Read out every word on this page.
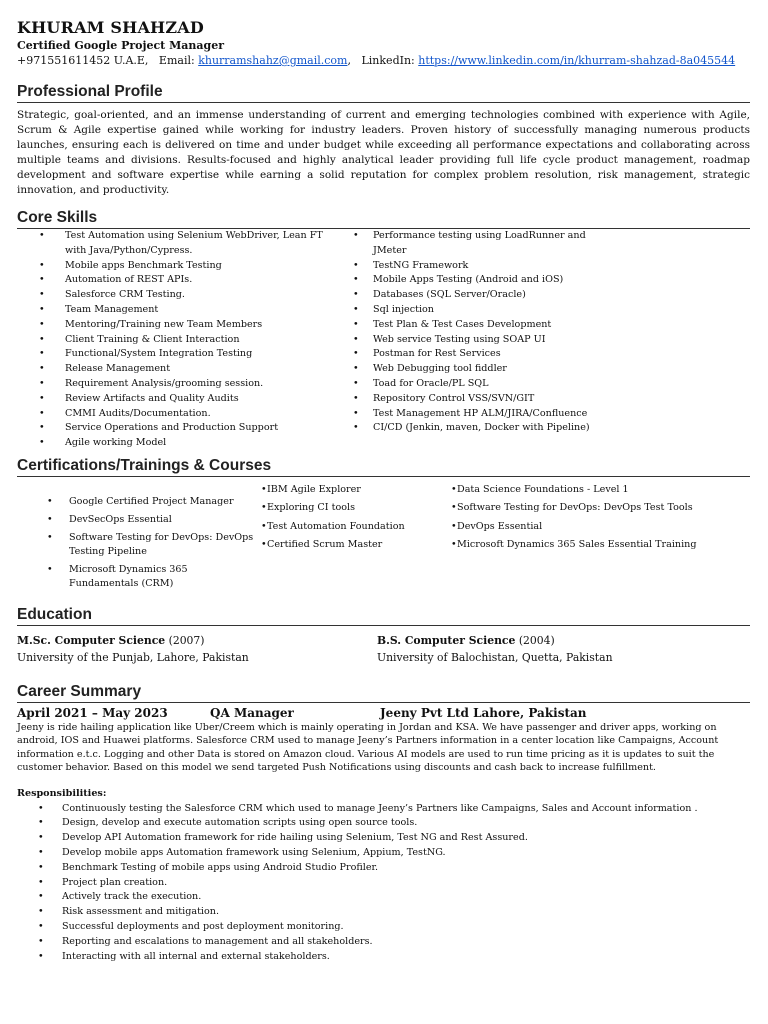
KHURAM SHAHZAD
Certified Google Project Manager
+971551611452 U.A.E, Email: khurramshahz@gmail.com,   LinkedIn: https://www.linkedin.com/in/khurram-shahzad-8a045544
Professional Profile
Strategic, goal-oriented, and an immense understanding of current and emerging technologies combined with experience with Agile, Scrum & Agile expertise gained while working for industry leaders. Proven history of successfully managing numerous products launches, ensuring each is delivered on time and under budget while exceeding all performance expectations and collaborating across multiple teams and divisions. Results-focused and highly analytical leader providing full life cycle product management, roadmap development and software expertise while earning a solid reputation for complex problem resolution, risk management, strategic innovation, and productivity.
Core Skills
• Test Automation using Selenium WebDriver, Lean FT with Java/Python/Cypress.
• Mobile apps Benchmark Testing
• Automation of REST APIs.
• Salesforce CRM Testing.
• Team Management
• Mentoring/Training new Team Members
• Client Training & Client Interaction
• Functional/System Integration Testing
• Release Management
• Requirement Analysis/grooming session.
• Review Artifacts and Quality Audits
• CMMI Audits/Documentation.
• Service Operations and Production Support
• Agile working Model
• Performance testing using LoadRunner and JMeter
• TestNG Framework
• Mobile Apps Testing (Android and iOS)
• Databases (SQL Server/Oracle)
• Sql injection
• Test Plan & Test Cases Development
• Web service Testing using SOAP UI
• Postman for Rest Services
• Web Debugging tool fiddler
• Toad for Oracle/PL SQL
• Repository Control VSS/SVN/GIT
• Test Management HP ALM/JIRA/Confluence
• CI/CD (Jenkin, maven, Docker with Pipeline)
Certifications/Trainings & Courses
• Google Certified Project Manager
• DevSecOps Essential
• Software Testing for DevOps: DevOps Testing Pipeline
• Microsoft Dynamics 365 Fundamentals (CRM)
• IBM Agile Explorer
• Exploring CI tools
• Test Automation Foundation
• Certified Scrum Master
• Data Science Foundations - Level 1
• Software Testing for DevOps: DevOps Test Tools
• DevOps Essential
• Microsoft Dynamics 365 Sales Essential Training
Education
M.Sc. Computer Science (2007)
University of the Punjab, Lahore, Pakistan
B.S. Computer Science (2004)
University of Balochistan, Quetta, Pakistan
Career Summary
April 2021 – May 2023	QA Manager	Jeeny Pvt Ltd Lahore, Pakistan
Jeeny is ride hailing application like Uber/Creem which is mainly operating in Jordan and KSA. We have passenger and driver apps, working on android, IOS and Huawei platforms. Salesforce CRM used to manage Jeeny’s Partners information in a center location like Campaigns, Account information e.t.c. Logging and other Data is stored on Amazon cloud. Various AI models are used to run time pricing as it is updates to suit the customer behavior. Based on this model we send targeted Push Notifications using discounts and cash back to increase fulfillment.
Responsibilities:
• Continuously testing the Salesforce CRM which used to manage Jeeny’s Partners like Campaigns, Sales and Account information .
• Design, develop and execute automation scripts using open source tools.
• Develop API Automation framework for ride hailing using Selenium, Test NG and Rest Assured.
• Develop mobile apps Automation framework using Selenium, Appium, TestNG.
• Benchmark Testing of mobile apps using Android Studio Profiler.
• Project plan creation.
• Actively track the execution.
• Risk assessment and mitigation.
• Successful deployments and post deployment monitoring.
• Reporting and escalations to management and all stakeholders.
• Interacting with all internal and external stakeholders.
